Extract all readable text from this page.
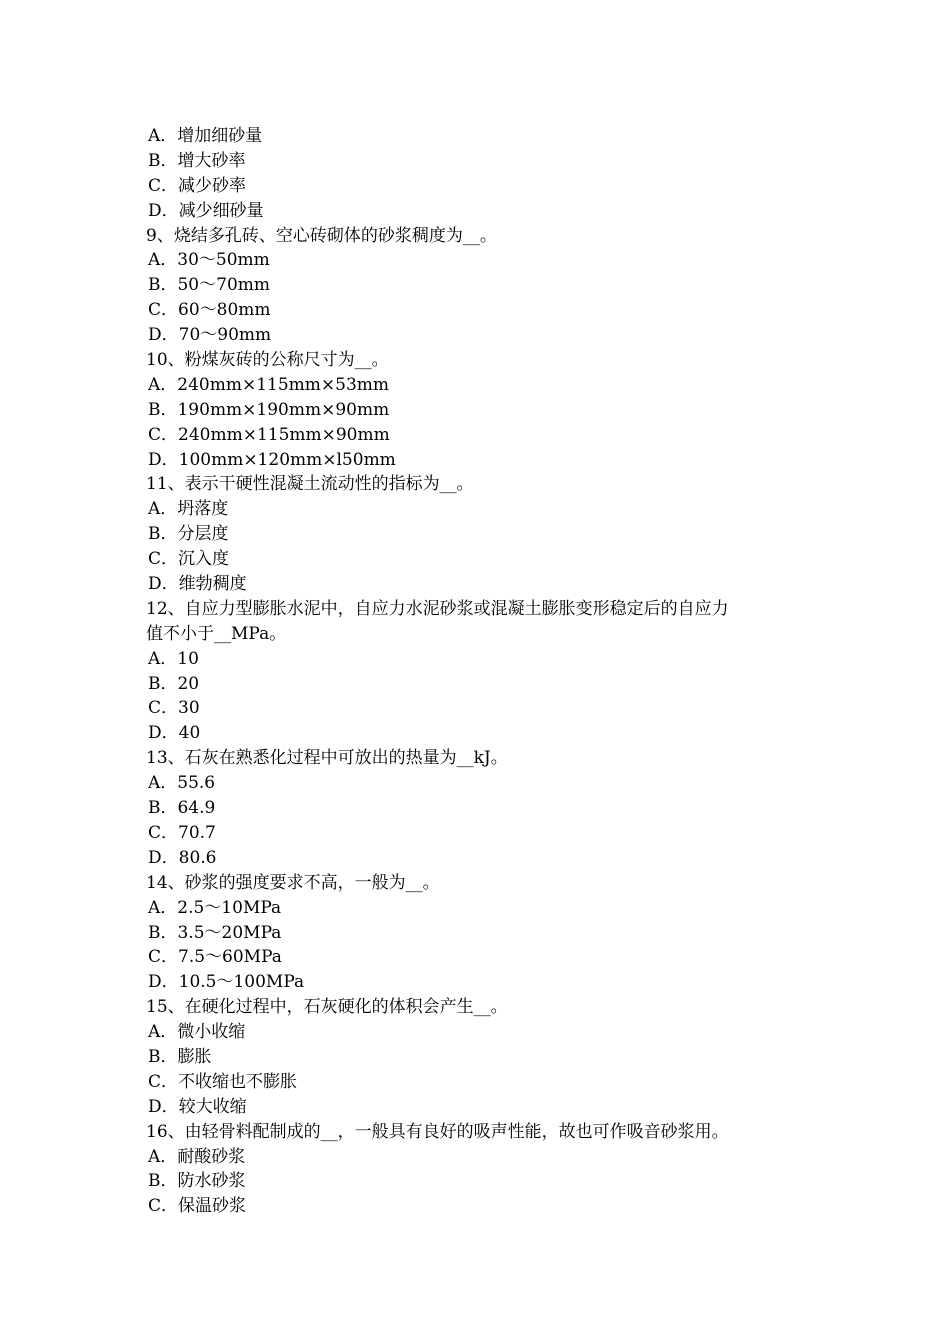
A．增加细砂量
B．增大砂率
C．减少砂率
D．减少细砂量
9、烧结多孔砖、空心砖砌体的砂浆稠度为__。
A．30～50mm
B．50～70mm
C．60～80mm
D．70～90mm
10、粉煤灰砖的公称尺寸为__。
A．240mm×115mm×53mm
B．190mm×190mm×90mm
C．240mm×115mm×90mm
D．100mm×120mm×l50mm
11、表示干硬性混凝土流动性的指标为__。
A．坍落度
B．分层度
C．沉入度
D．维勃稠度
12、自应力型膨胀水泥中，自应力水泥砂浆或混凝土膨胀变形稳定后的自应力
值不小于__MPa。
A．10
B．20
C．30
D．40
13、石灰在熟悉化过程中可放出的热量为__kJ。
A．55.6
B．64.9
C．70.7
D．80.6
14、砂浆的强度要求不高，一般为__。
A．2.5～10MPa
B．3.5～20MPa
C．7.5～60MPa
D．10.5～100MPa
15、在硬化过程中，石灰硬化的体积会产生__。
A．微小收缩
B．膨胀
C．不收缩也不膨胀
D．较大收缩
16、由轻骨料配制成的__，一般具有良好的吸声性能，故也可作吸音砂浆用。
A．耐酸砂浆
B．防水砂浆
C．保温砂浆
